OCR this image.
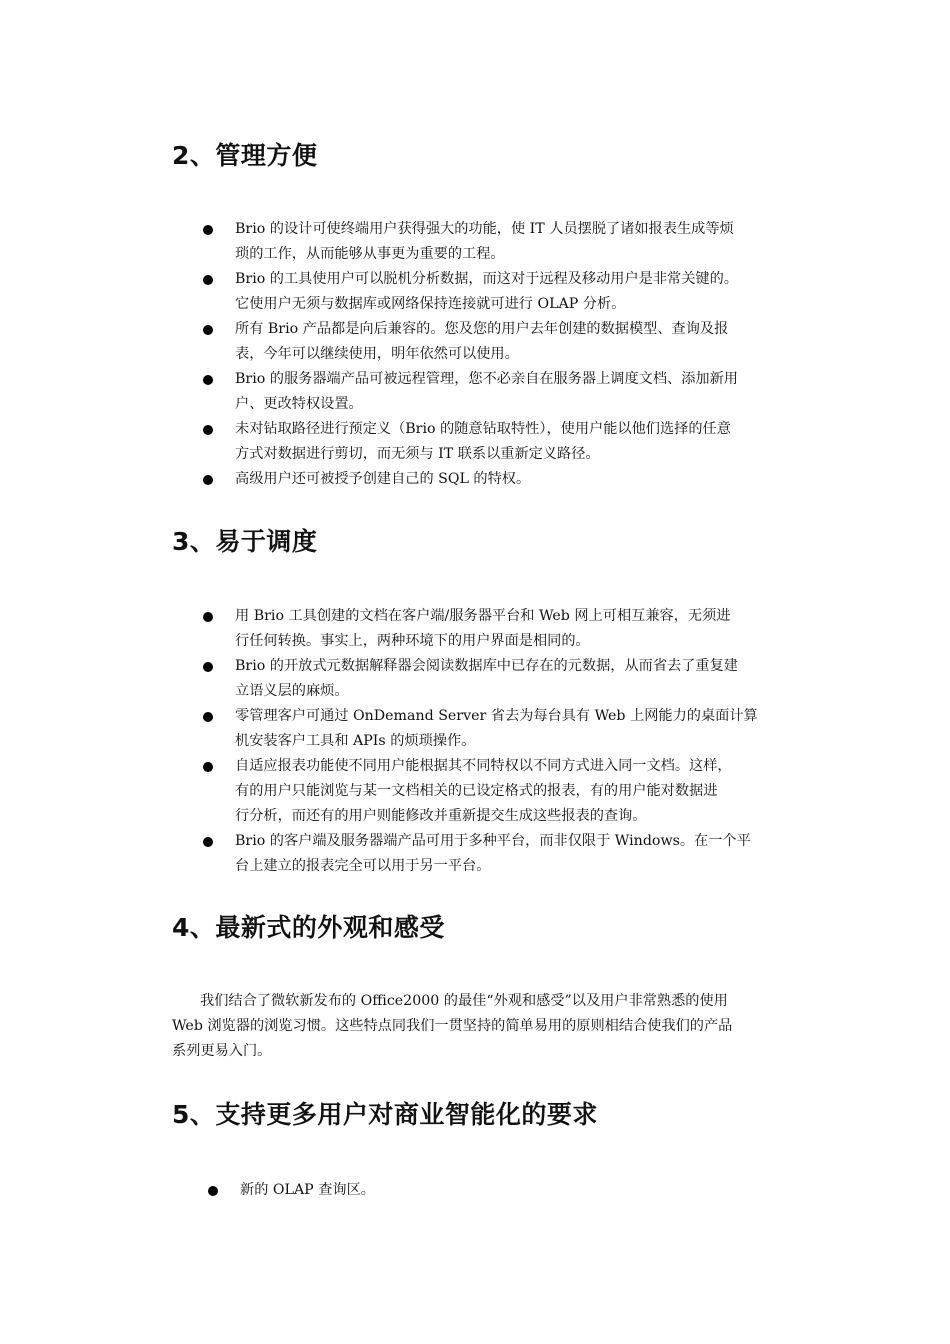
2、管理方便
Brio 的设计可使终端用户获得强大的功能，使 IT 人员摆脱了诸如报表生成等烦
琐的工作，从而能够从事更为重要的工程。
Brio 的工具使用户可以脱机分析数据，而这对于远程及移动用户是非常关键的。
它使用户无须与数据库或网络保持连接就可进行 OLAP 分析。
所有 Brio 产品都是向后兼容的。您及您的用户去年创建的数据模型、查询及报
表，今年可以继续使用，明年依然可以使用。
Brio 的服务器端产品可被远程管理，您不必亲自在服务器上调度文档、添加新用
户、更改特权设置。
未对钻取路径进行预定义（Brio 的随意钻取特性），使用户能以他们选择的任意
方式对数据进行剪切，而无须与 IT 联系以重新定义路径。
高级用户还可被授予创建自己的 SQL 的特权。
3、易于调度
用 Brio 工具创建的文档在客户端/服务器平台和 Web 网上可相互兼容，无须进
行任何转换。事实上，两种环境下的用户界面是相同的。
Brio 的开放式元数据解释器会阅读数据库中已存在的元数据，从而省去了重复建
立语义层的麻烦。
零管理客户可通过 OnDemand Server 省去为每台具有 Web 上网能力的桌面计算
机安装客户工具和 APIs 的烦琐操作。
自适应报表功能使不同用户能根据其不同特权以不同方式进入同一文档。这样，
有的用户只能浏览与某一文档相关的已设定格式的报表，有的用户能对数据进
行分析，而还有的用户则能修改并重新提交生成这些报表的查询。
Brio 的客户端及服务器端产品可用于多种平台，而非仅限于 Windows。在一个平
台上建立的报表完全可以用于另一平台。
4、最新式的外观和感受
我们结合了微软新发布的 Office2000 的最佳“外观和感受”以及用户非常熟悉的使用
Web 浏览器的浏览习惯。这些特点同我们一贯坚持的简单易用的原则相结合使我们的产品
系列更易入门。
5、支持更多用户对商业智能化的要求
新的 OLAP 查询区。
